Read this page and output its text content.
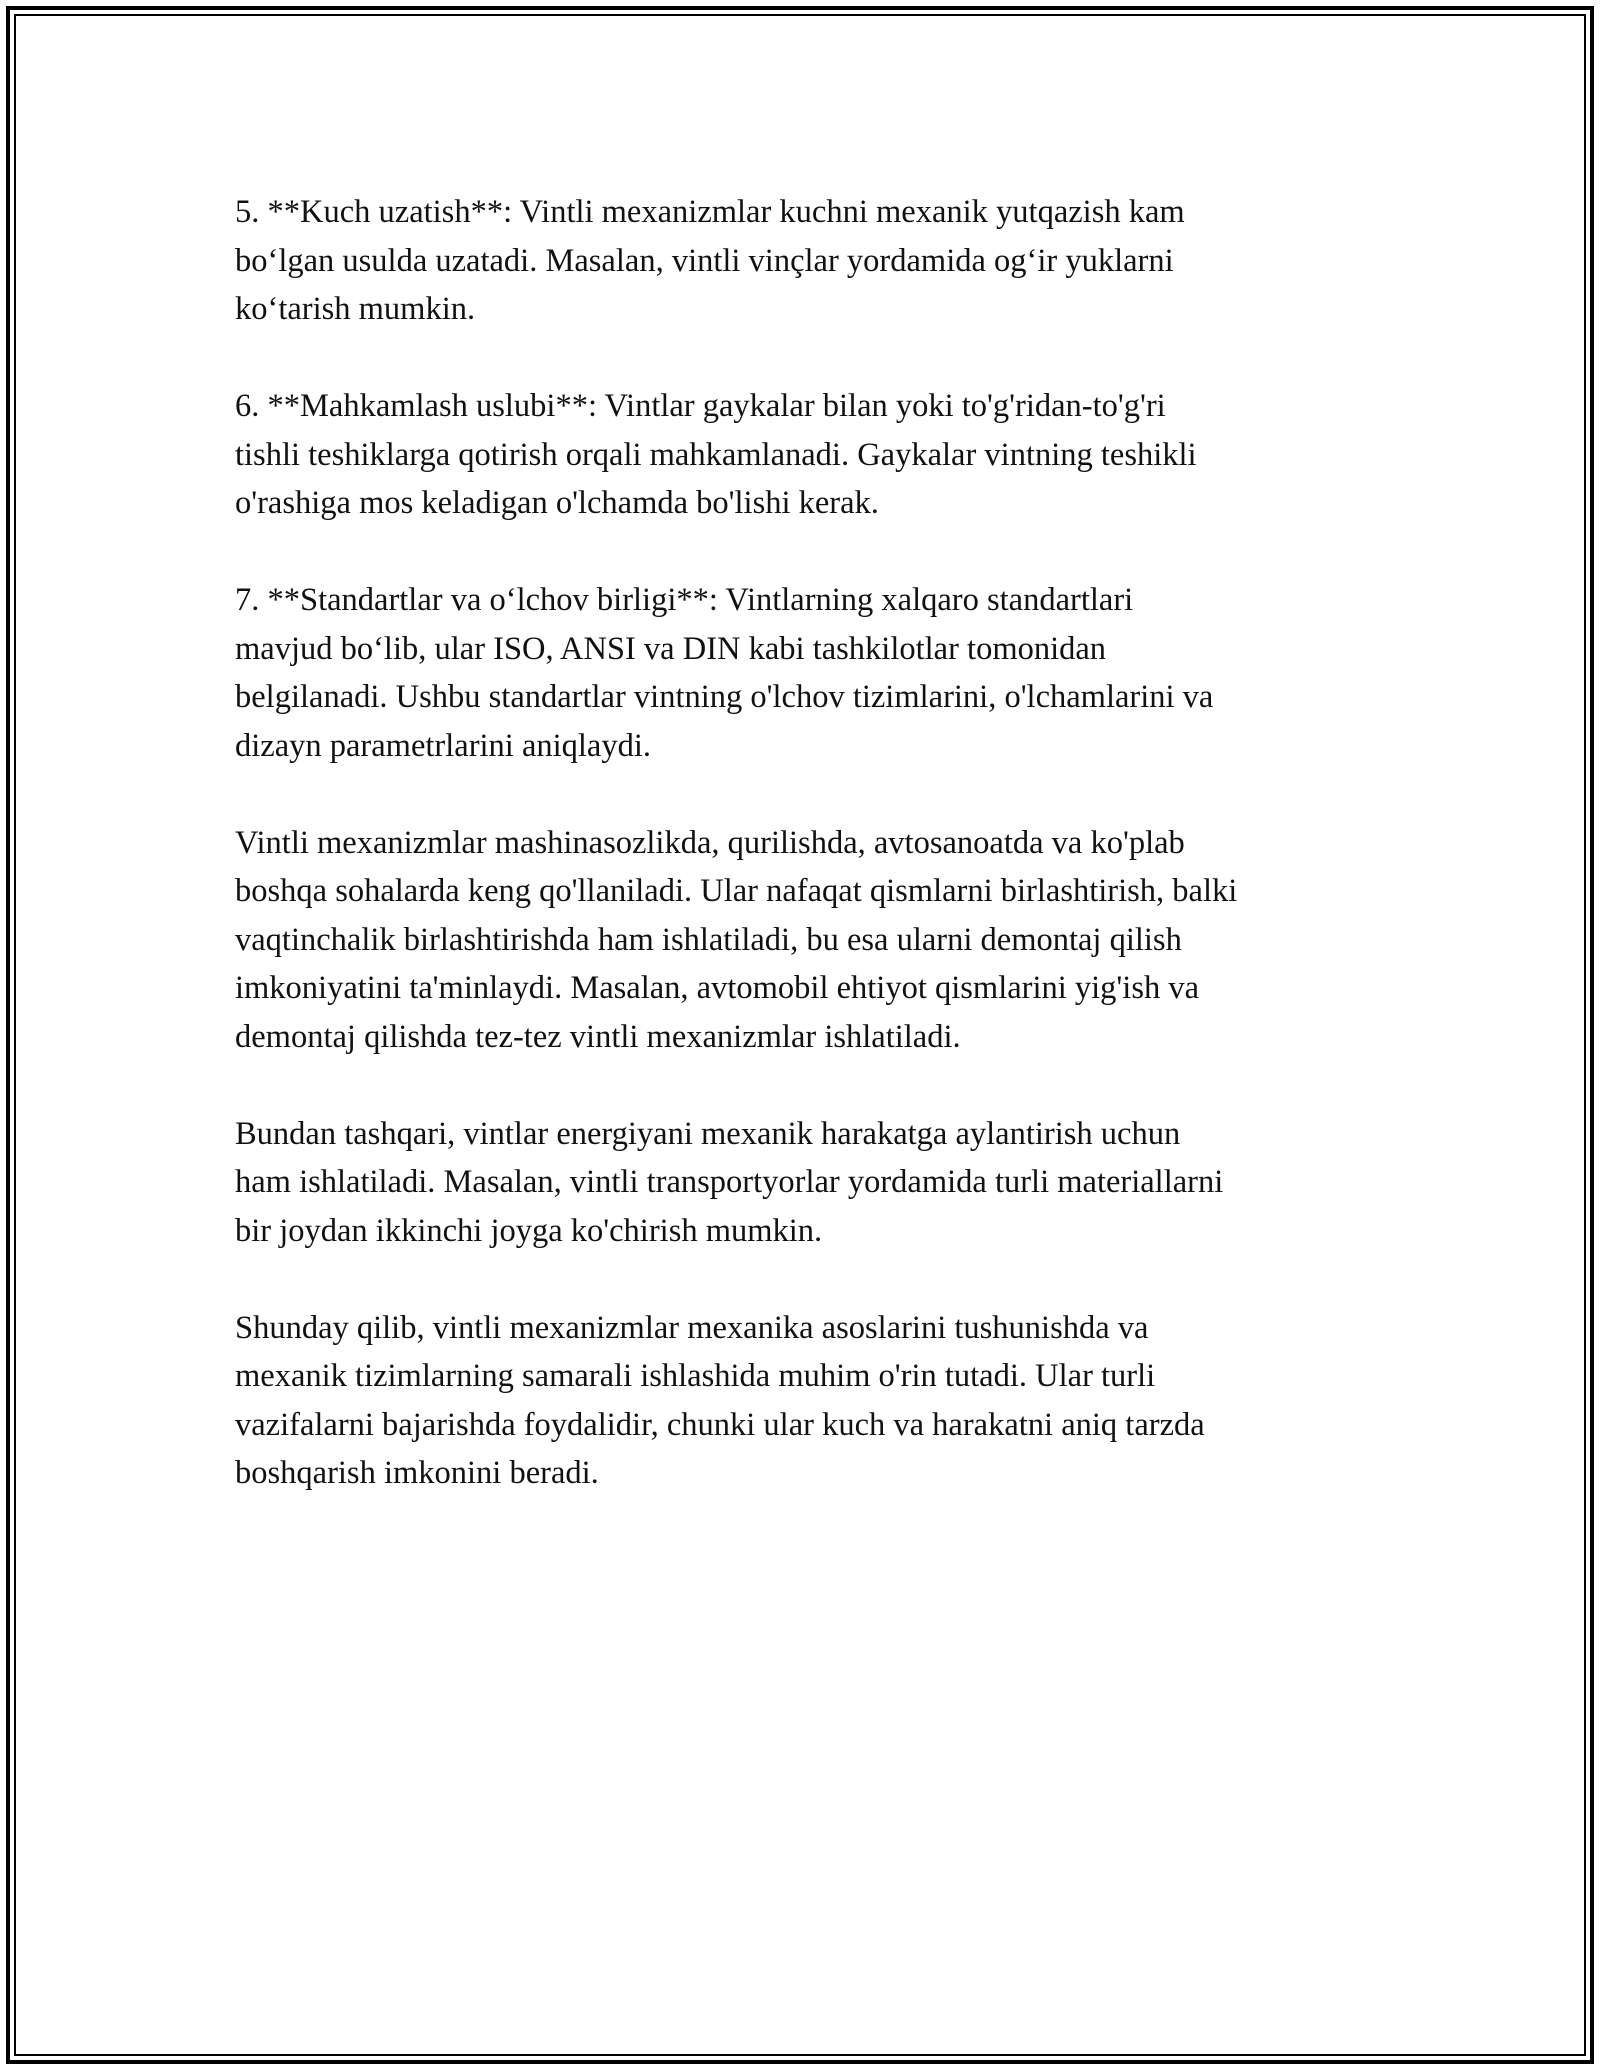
5. **Kuch uzatish**: Vintli mexanizmlar kuchni mexanik yutqazish kam
bo‘lgan usulda uzatadi. Masalan, vintli vinçlar yordamida og‘ir yuklarni
ko‘tarish mumkin.

6. **Mahkamlash uslubi**: Vintlar gaykalar bilan yoki to'g'ridan-to'g'ri
tishli teshiklarga qotirish orqali mahkamlanadi. Gaykalar vintning teshikli
o'rashiga mos keladigan o'lchamda bo'lishi kerak.

7. **Standartlar va o‘lchov birligi**: Vintlarning xalqaro standartlari
mavjud bo‘lib, ular ISO, ANSI va DIN kabi tashkilotlar tomonidan
belgilanadi. Ushbu standartlar vintning o'lchov tizimlarini, o'lchamlarini va
dizayn parametrlarini aniqlaydi.

Vintli mexanizmlar mashinasozlikda, qurilishda, avtosanoatda va ko'plab
boshqa sohalarda keng qo'llaniladi. Ular nafaqat qismlarni birlashtirish, balki
vaqtinchalik birlashtirishda ham ishlatiladi, bu esa ularni demontaj qilish
imkoniyatini ta'minlaydi. Masalan, avtomobil ehtiyot qismlarini yig'ish va
demontaj qilishda tez-tez vintli mexanizmlar ishlatiladi.

Bundan tashqari, vintlar energiyani mexanik harakatga aylantirish uchun
ham ishlatiladi. Masalan, vintli transportyorlar yordamida turli materiallarni
bir joydan ikkinchi joyga ko'chirish mumkin.

Shunday qilib, vintli mexanizmlar mexanika asoslarini tushunishda va
mexanik tizimlarning samarali ishlashida muhim o'rin tutadi. Ular turli
vazifalarni bajarishda foydalidir, chunki ular kuch va harakatni aniq tarzda
boshqarish imkonini beradi.
